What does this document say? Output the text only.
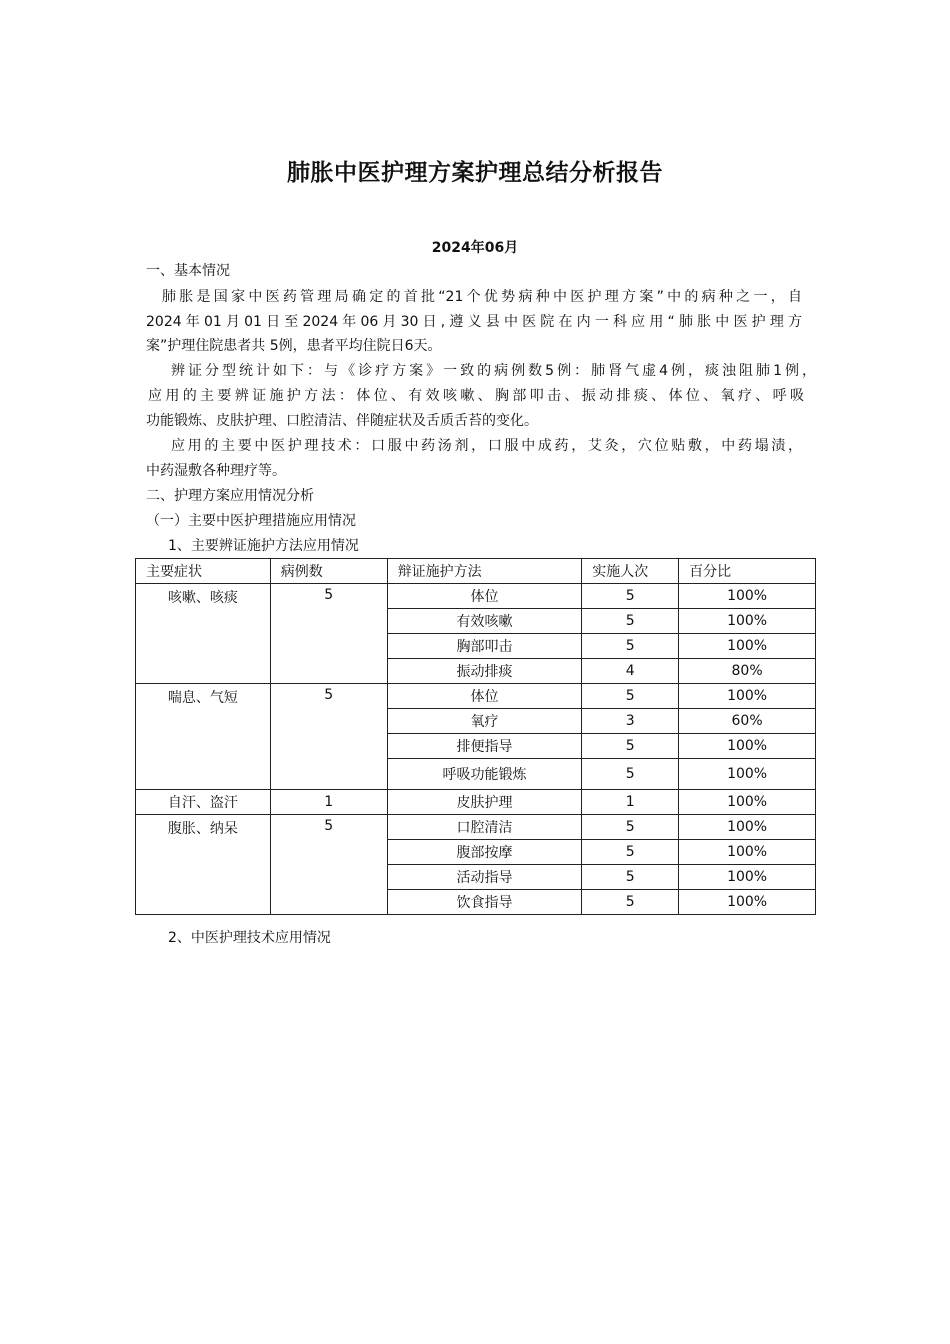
肺胀中医护理方案护理总结分析报告
2024年06月
一、基本情况
肺胀是国家中医药管理局确定的首批“21个优势病种中医护理方案”中的病种之一，自
2024年01月01日至2024年06月30日,遵义县中医院在内一科应用“肺胀中医护理方
案”护理住院患者共 5例，患者平均住院日6天。
辨证分型统计如下：与《诊疗方案》一致的病例数5例：肺肾气虚4例，痰浊阻肺1例，
应用的主要辨证施护方法：体位、有效咳嗽、胸部叩击、振动排痰、体位、氧疗、呼吸
功能锻炼、皮肤护理、口腔清洁、伴随症状及舌质舌苔的变化。
应用的主要中医护理技术：口服中药汤剂，口服中成药，艾灸，穴位贴敷，中药塌渍，
中药湿敷各种理疗等。
二、护理方案应用情况分析
（一）主要中医护理措施应用情况
1、主要辨证施护方法应用情况
主要症状	病例数	辩证施护方法	实施人次	百分比
咳嗽、咳痰	5	体位	5	100%
		有效咳嗽	5	100%
		胸部叩击	5	100%
		振动排痰	4	80%
喘息、气短	5	体位	5	100%
		氧疗	3	60%
		排便指导	5	100%
		呼吸功能锻炼	5	100%
自汗、盗汗	1	皮肤护理	1	100%
腹胀、纳呆	5	口腔清洁	5	100%
		腹部按摩	5	100%
		活动指导	5	100%
		饮食指导	5	100%
2、中医护理技术应用情况
